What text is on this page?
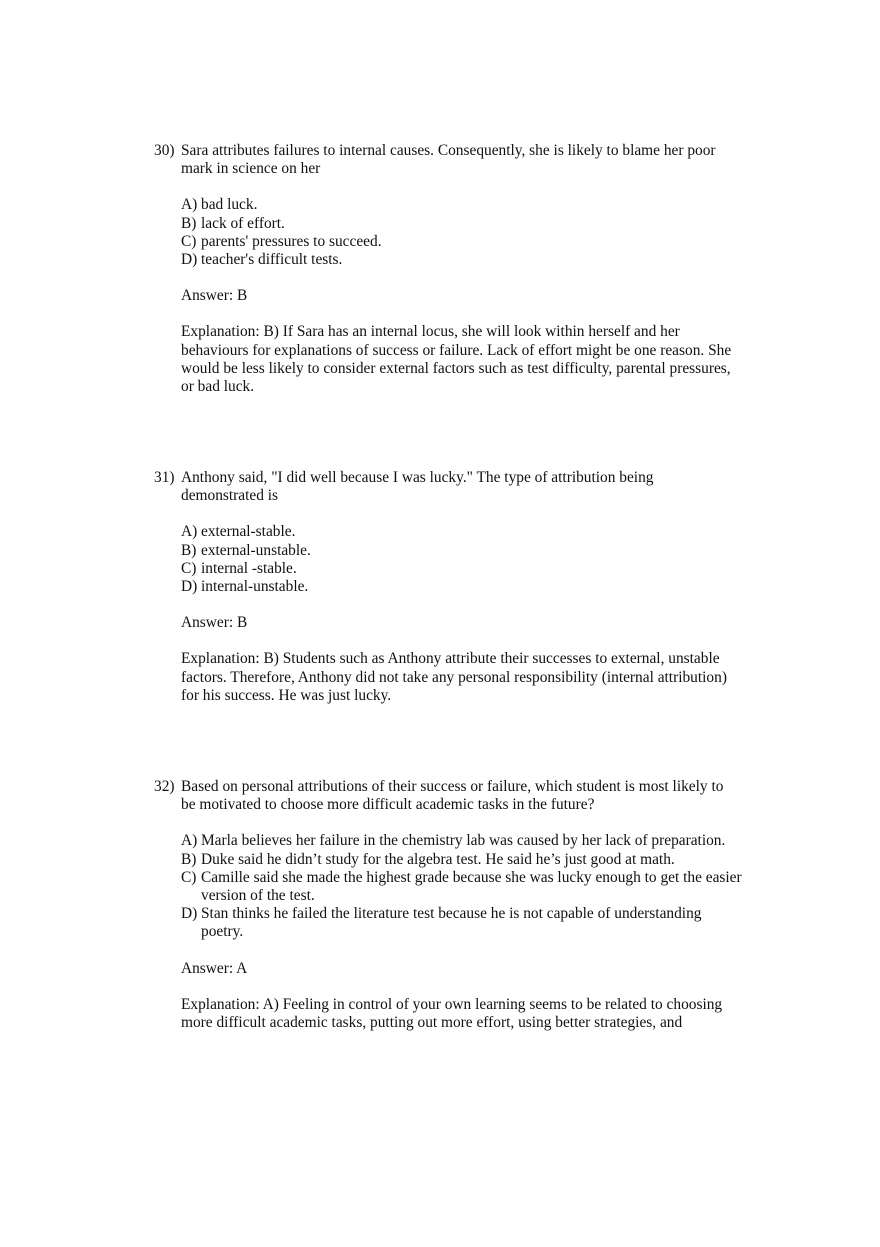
30) Sara attributes failures to internal causes. Consequently, she is likely to blame her poor
mark in science on her
A) bad luck.
B) lack of effort.
C) parents' pressures to succeed.
D) teacher's difficult tests.
Answer: B
Explanation: B) If Sara has an internal locus, she will look within herself and her
behaviours for explanations of success or failure. Lack of effort might be one reason. She
would be less likely to consider external factors such as test difficulty, parental pressures,
or bad luck.
31) Anthony said, "I did well because I was lucky." The type of attribution being
demonstrated is
A) external-stable.
B) external-unstable.
C) internal -stable.
D) internal-unstable.
Answer: B
Explanation: B) Students such as Anthony attribute their successes to external, unstable
factors. Therefore, Anthony did not take any personal responsibility (internal attribution)
for his success. He was just lucky.
32) Based on personal attributions of their success or failure, which student is most likely to
be motivated to choose more difficult academic tasks in the future?
A) Marla believes her failure in the chemistry lab was caused by her lack of preparation.
B) Duke said he didn’t study for the algebra test. He said he’s just good at math.
C) Camille said she made the highest grade because she was lucky enough to get the easier version of the test.
D) Stan thinks he failed the literature test because he is not capable of understanding poetry.
Answer: A
Explanation: A) Feeling in control of your own learning seems to be related to choosing
more difficult academic tasks, putting out more effort, using better strategies, and
